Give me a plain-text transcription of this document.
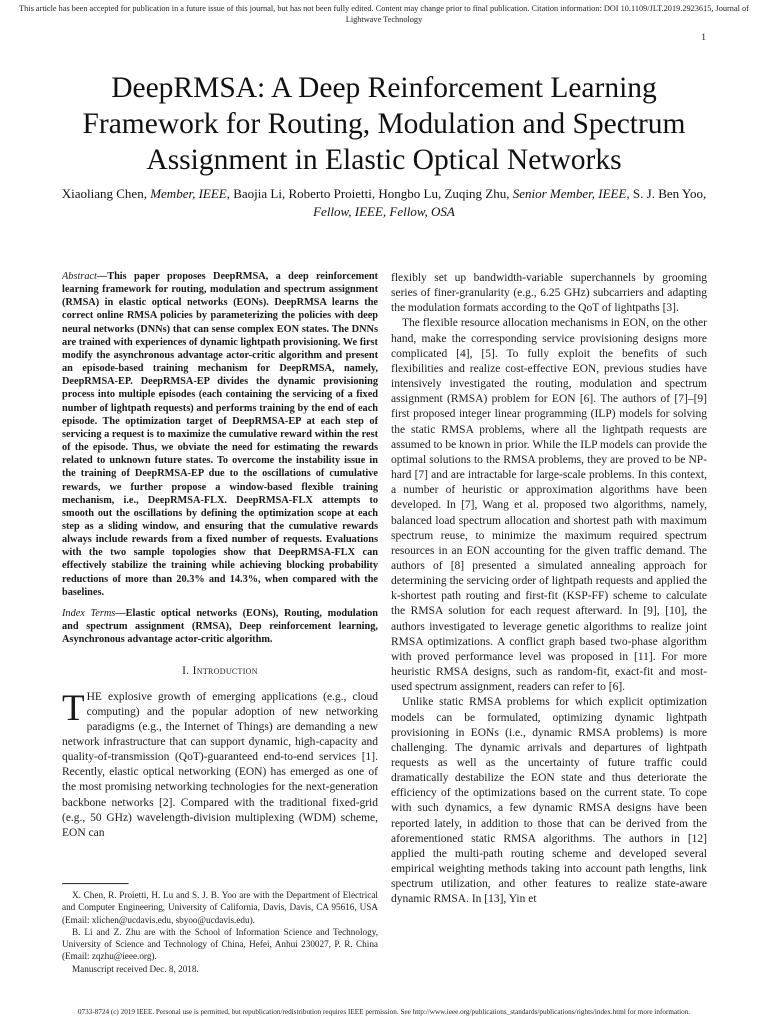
This article has been accepted for publication in a future issue of this journal, but has not been fully edited. Content may change prior to final publication. Citation information: DOI 10.1109/JLT.2019.2923615, Journal of Lightwave Technology
1
DeepRMSA: A Deep Reinforcement Learning Framework for Routing, Modulation and Spectrum Assignment in Elastic Optical Networks
Xiaoliang Chen, Member, IEEE, Baojia Li, Roberto Proietti, Hongbo Lu, Zuqing Zhu, Senior Member, IEEE, S. J. Ben Yoo, Fellow, IEEE, Fellow, OSA

Abstract—This paper proposes DeepRMSA, a deep reinforcement learning framework for routing, modulation and spectrum assignment (RMSA) in elastic optical networks (EONs). DeepRMSA learns the correct online RMSA policies by parameterizing the policies with deep neural networks (DNNs) that can sense complex EON states. The DNNs are trained with experiences of dynamic lightpath provisioning. We first modify the asynchronous advantage actor-critic algorithm and present an episode-based training mechanism for DeepRMSA, namely, DeepRMSA-EP. DeepRMSA-EP divides the dynamic provisioning process into multiple episodes (each containing the servicing of a fixed number of lightpath requests) and performs training by the end of each episode. The optimization target of DeepRMSA-EP at each step of servicing a request is to maximize the cumulative reward within the rest of the episode. Thus, we obviate the need for estimating the rewards related to unknown future states. To overcome the instability issue in the training of DeepRMSA-EP due to the oscillations of cumulative rewards, we further propose a window-based flexible training mechanism, i.e., DeepRMSA-FLX. DeepRMSA-FLX attempts to smooth out the oscillations by defining the optimization scope at each step as a sliding window, and ensuring that the cumulative rewards always include rewards from a fixed number of requests. Evaluations with the two sample topologies show that DeepRMSA-FLX can effectively stabilize the training while achieving blocking probability reductions of more than 20.3% and 14.3%, when compared with the baselines.

Index Terms—Elastic optical networks (EONs), Routing, modulation and spectrum assignment (RMSA), Deep reinforcement learning, Asynchronous advantage actor-critic algorithm.

I. Introduction

THE explosive growth of emerging applications (e.g., cloud computing) and the popular adoption of new networking paradigms (e.g., the Internet of Things) are demanding a new network infrastructure that can support dynamic, high-capacity and quality-of-transmission (QoT)-guaranteed end-to-end services [1]. Recently, elastic optical networking (EON) has emerged as one of the most promising networking technologies for the next-generation backbone networks [2]. Compared with the traditional fixed-grid (e.g., 50 GHz) wavelength-division multiplexing (WDM) scheme, EON can

X. Chen, R. Proietti, H. Lu and S. J. B. Yoo are with the Department of Electrical and Computer Engineering, University of California, Davis, Davis, CA 95616, USA (Email: xlichen@ucdavis.edu, sbyoo@ucdavis.edu).

B. Li and Z. Zhu are with the School of Information Science and Technology, University of Science and Technology of China, Hefei, Anhui 230027, P. R. China (Email: zqzhu@ieee.org).

Manuscript received Dec. 8, 2018.

flexibly set up bandwidth-variable superchannels by grooming series of finer-granularity (e.g., 6.25 GHz) subcarriers and adapting the modulation formats according to the QoT of lightpaths [3].

The flexible resource allocation mechanisms in EON, on the other hand, make the corresponding service provisioning designs more complicated [4], [5]. To fully exploit the benefits of such flexibilities and realize cost-effective EON, previous studies have intensively investigated the routing, modulation and spectrum assignment (RMSA) problem for EON [6]. The authors of [7]–[9] first proposed integer linear programming (ILP) models for solving the static RMSA problems, where all the lightpath requests are assumed to be known in prior. While the ILP models can provide the optimal solutions to the RMSA problems, they are proved to be NP-hard [7] and are intractable for large-scale problems. In this context, a number of heuristic or approximation algorithms have been developed. In [7], Wang et al. proposed two algorithms, namely, balanced load spectrum allocation and shortest path with maximum spectrum reuse, to minimize the maximum required spectrum resources in an EON accounting for the given traffic demand. The authors of [8] presented a simulated annealing approach for determining the servicing order of lightpath requests and applied the k-shortest path routing and first-fit (KSP-FF) scheme to calculate the RMSA solution for each request afterward. In [9], [10], the authors investigated to leverage genetic algorithms to realize joint RMSA optimizations. A conflict graph based two-phase algorithm with proved performance level was proposed in [11]. For more heuristic RMSA designs, such as random-fit, exact-fit and most-used spectrum assignment, readers can refer to [6].

Unlike static RMSA problems for which explicit optimization models can be formulated, optimizing dynamic lightpath provisioning in EONs (i.e., dynamic RMSA problems) is more challenging. The dynamic arrivals and departures of lightpath requests as well as the uncertainty of future traffic could dramatically destabilize the EON state and thus deteriorate the efficiency of the optimizations based on the current state. To cope with such dynamics, a few dynamic RMSA designs have been reported lately, in addition to those that can be derived from the aforementioned static RMSA algorithms. The authors in [12] applied the multi-path routing scheme and developed several empirical weighting methods taking into account path lengths, link spectrum utilization, and other features to realize state-aware dynamic RMSA. In [13], Yin et

0733-8724 (c) 2019 IEEE. Personal use is permitted, but republication/redistribution requires IEEE permission. See http://www.ieee.org/publications_standards/publications/rights/index.html for more information.
